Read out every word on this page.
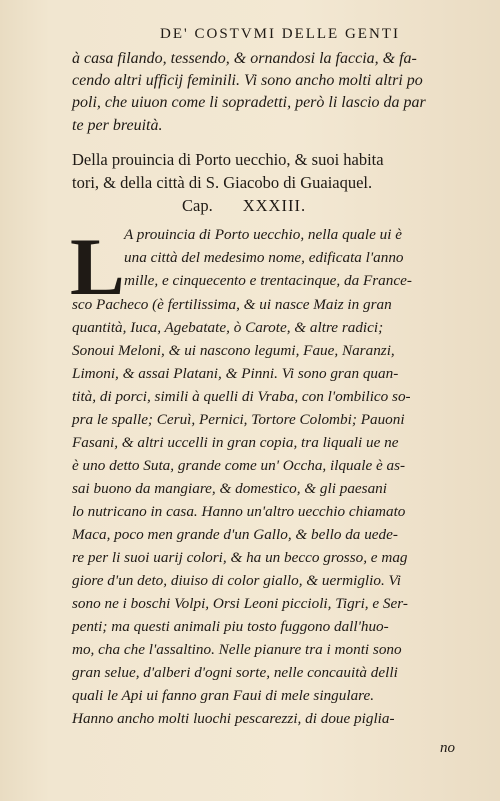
DE' COSTVMI DELLE GENTI
à casa filando, tessendo, & ornandosi la faccia, & fa-
cendo altri ufficij feminili. Vi sono ancho molti altri po
poli, che uiuon come li sopradetti, però li lascio da par
te per breuità.
Della prouincia di Porto uecchio, & suoi habita
tori, & della città di S. Giacobo di Guaiaquel.
Cap. XXXIII.
L A prouincia di Porto uecchio, nella quale ui è
una città del medesimo nome, edificata l'anno
mille, e cinquecento e trentacinque, da France-
sco Pacheco (è fertilissima, & ui nasce Maiz in gran
quantità, Iuca, Agebatate, ò Carote, & altre radici;
Sonoui Meloni, & ui nascono legumi, Faue, Naranzi,
Limoni, & assai Platani, & Pinni. Vi sono gran quan-
tità, di porci, simili à quelli di Vraba, con l'ombilico so-
pra le spalle; Ceruì, Pernici, Tortore Colombi; Pauoni
Fasani, & altri uccelli in gran copia, tra liquali ue ne
è uno detto Suta, grande come un' Occha, ilquale è as-
sai buono da mangiare, & domestico, & gli paesani
lo nutricano in casa. Hanno un'altro uecchio chiamato
Maca, poco men grande d'un Gallo, & bello da uede-
re per li suoi uarij colori, & ha un becco grosso, e mag
giore d'un deto, diuiso di color giallo, & uermiglio. Vi
sono ne i boschi Volpi, Orsi Leoni piccioli, Tigri, e Ser-
penti; ma questi animali piu tosto fuggono dall'huo-
mo, cha che l'assaltino. Nelle pianure tra i monti sono
gran selue, d'alberi d'ogni sorte, nelle concauità delli
quali le Api ui fanno gran Faui di mele singulare.
Hanno ancho molti luochi pescarezzi, di doue piglia-
no
